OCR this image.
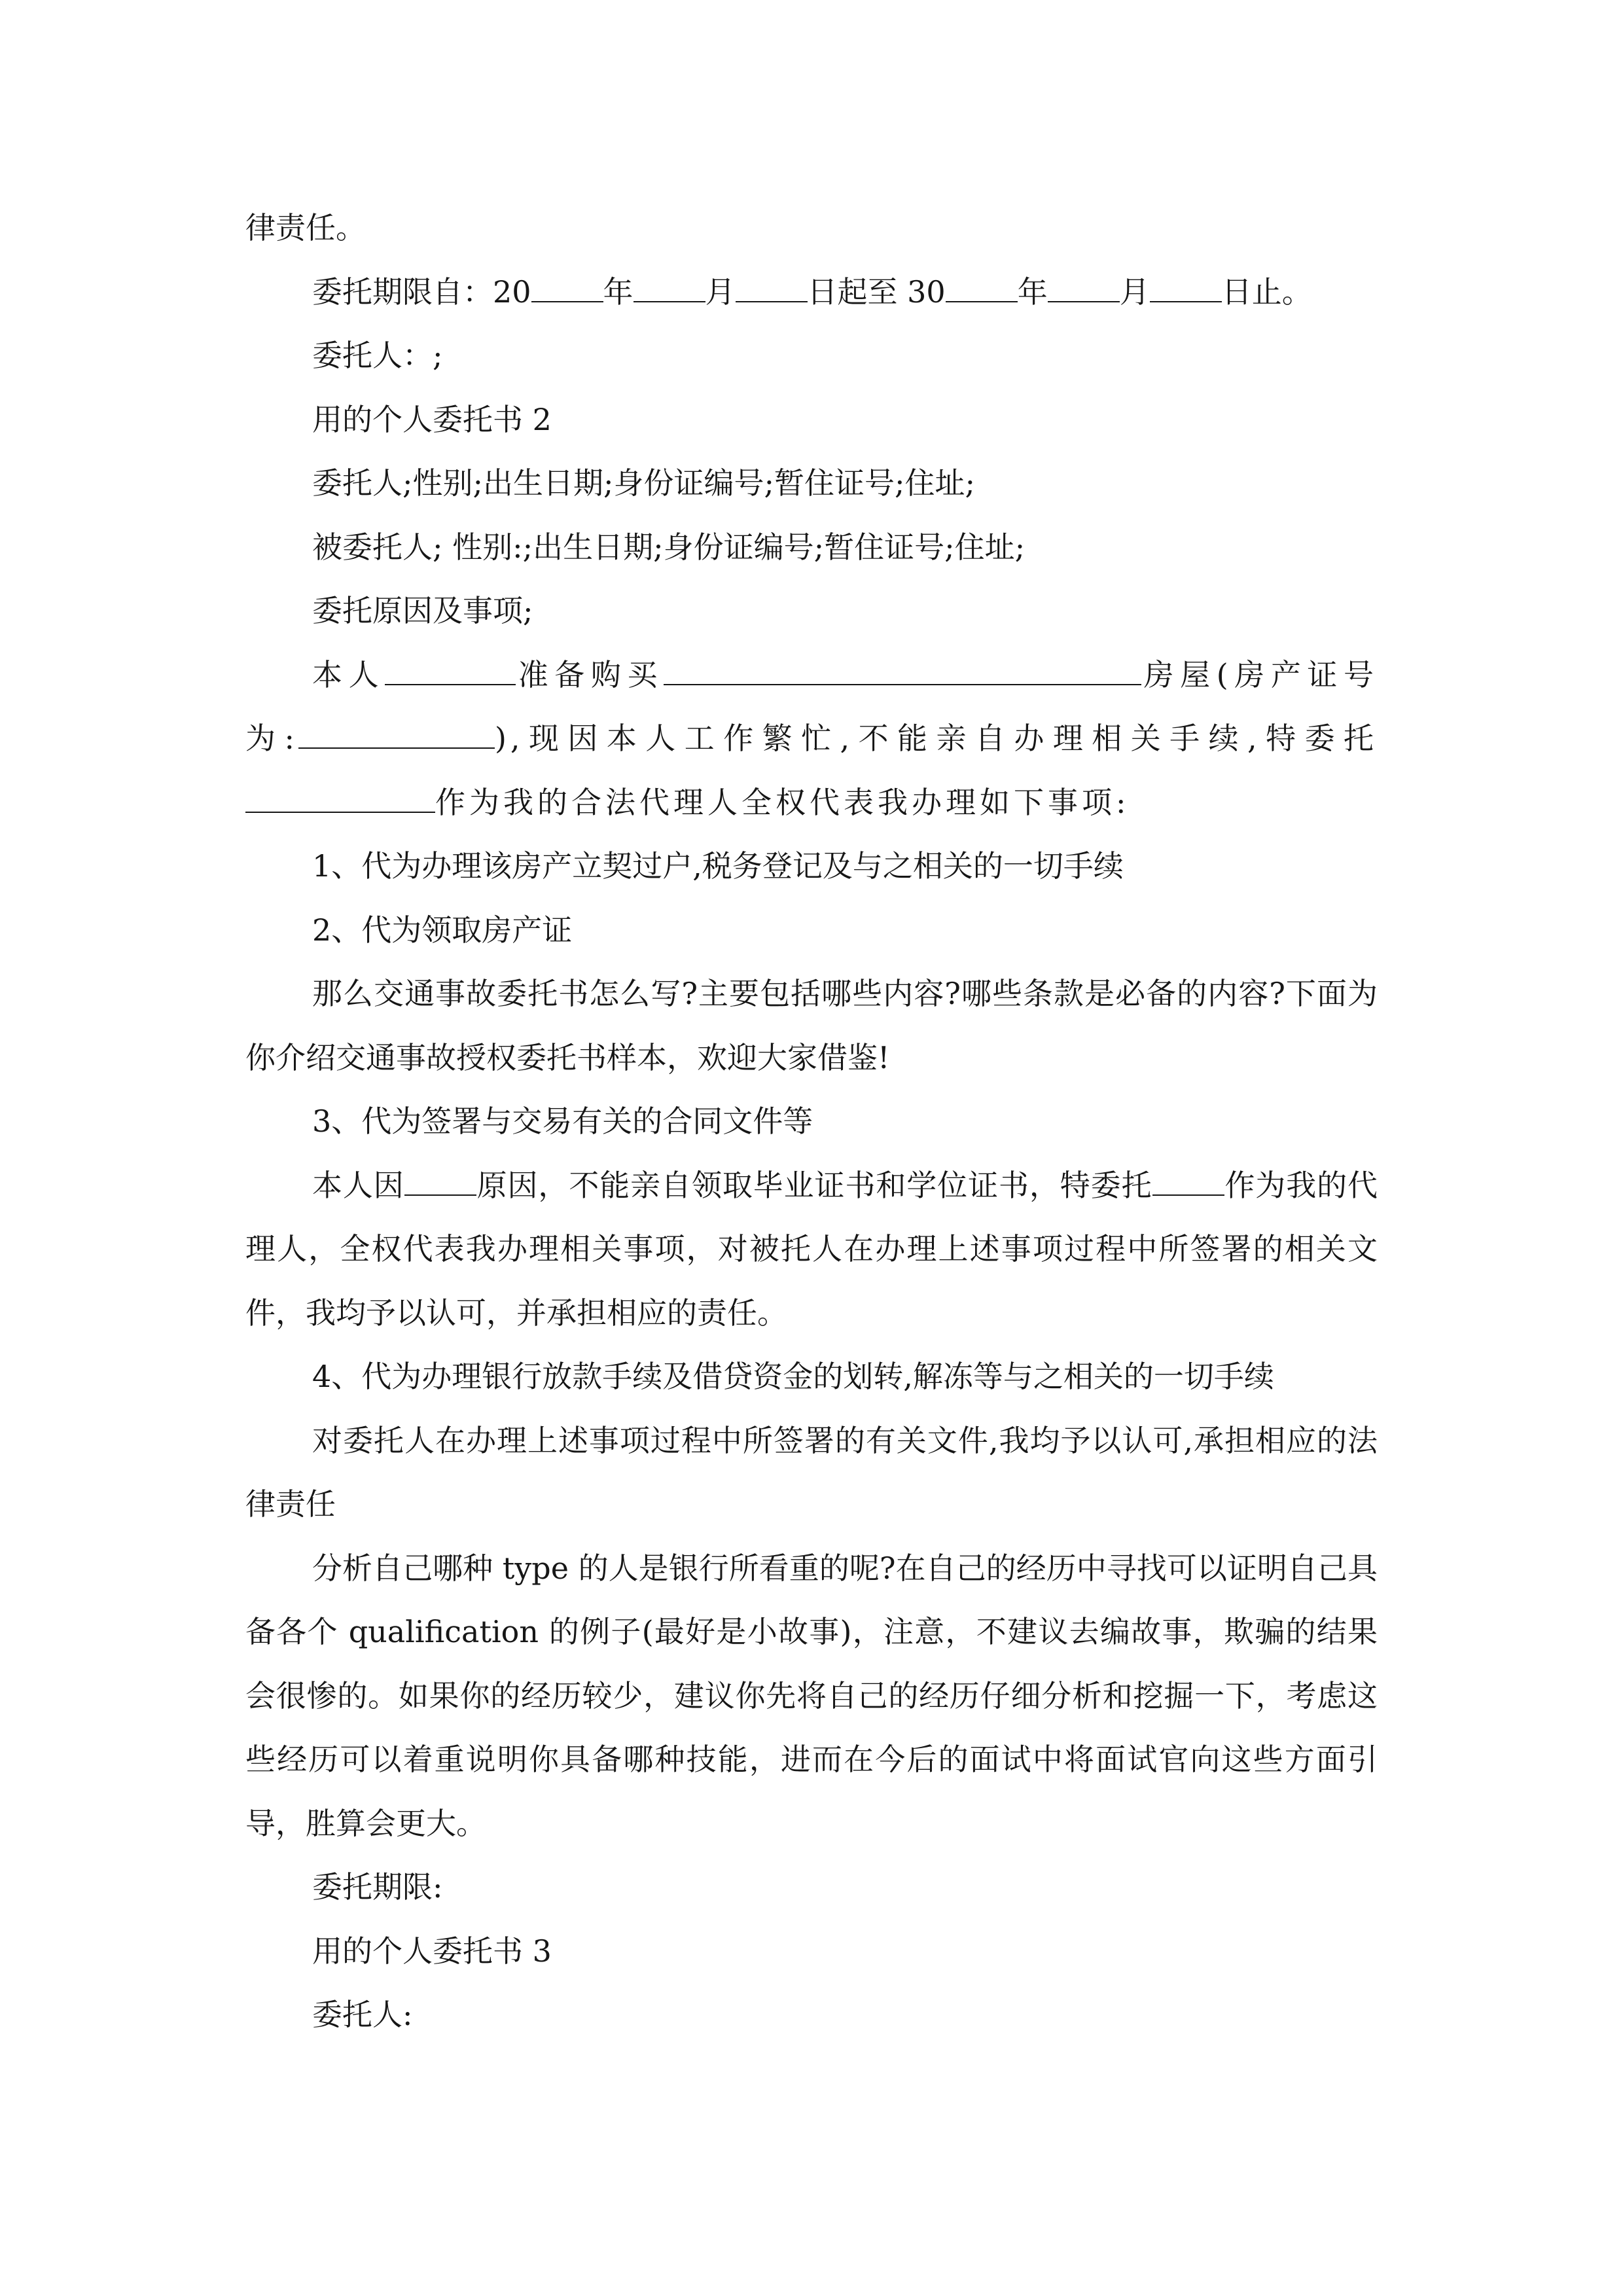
律责任。

委托期限自：20 年 月 日起至 30 年 月 日止。

委托人：;

用的个人委托书 2

委托人;性别;出生日期;身份证编号;暂住证号;住址;

被委托人; 性别:;出生日期;身份证编号;暂住证号;住址;

委托原因及事项;

本人	准备购买	房屋(房产证号为:	),现因本人工作繁忙,不能亲自办理相关手续,特委托作为我的合法代理人全权代表我办理如下事项:

1、代为办理该房产立契过户,税务登记及与之相关的一切手续

2、代为领取房产证

那么交通事故委托书怎么写?主要包括哪些内容?哪些条款是必备的内容?下面为你介绍交通事故授权委托书样本，欢迎大家借鉴!

3、代为签署与交易有关的合同文件等

本人因 原因，不能亲自领取毕业证书和学位证书，特委托 作为我的代理人，全权代表我办理相关事项，对被托人在办理上述事项过程中所签署的相关文件，我均予以认可，并承担相应的责任。

4、代为办理银行放款手续及借贷资金的划转,解冻等与之相关的一切手续

对委托人在办理上述事项过程中所签署的有关文件,我均予以认可,承担相应的法律责任

分析自己哪种 type 的人是银行所看重的呢?在自己的经历中寻找可以证明自己具备各个 qualification 的例子(最好是小故事)，注意，不建议去编故事，欺骗的结果会很惨的。如果你的经历较少，建议你先将自己的经历仔细分析和挖掘一下，考虑这些经历可以着重说明你具备哪种技能，进而在今后的面试中将面试官向这些方面引导，胜算会更大。

委托期限:

用的个人委托书 3

委托人:
